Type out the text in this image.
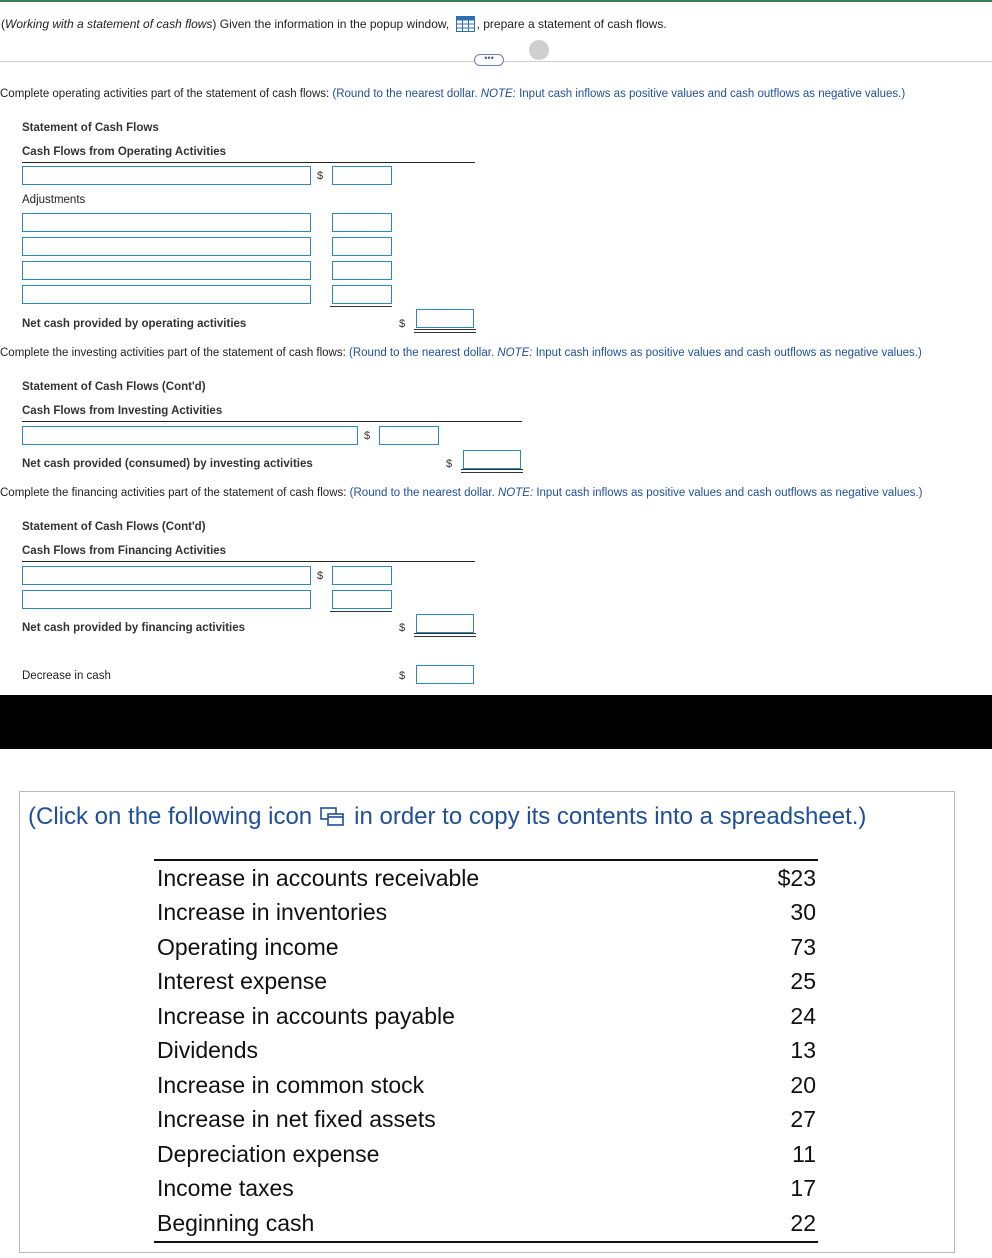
(Working with a statement of cash flows) Given the information in the popup window, , prepare a statement of cash flows.
•••
Complete operating activities part of the statement of cash flows: (Round to the nearest dollar. NOTE: Input cash inflows as positive values and cash outflows as negative values.)
Statement of Cash Flows
Cash Flows from Operating Activities
$
Adjustments
Net cash provided by operating activities	$
Complete the investing activities part of the statement of cash flows: (Round to the nearest dollar. NOTE: Input cash inflows as positive values and cash outflows as negative values.)
Statement of Cash Flows (Cont'd)
Cash Flows from Investing Activities
$
Net cash provided (consumed) by investing activities	$
Complete the financing activities part of the statement of cash flows: (Round to the nearest dollar. NOTE: Input cash inflows as positive values and cash outflows as negative values.)
Statement of Cash Flows (Cont'd)
Cash Flows from Financing Activities
$
Net cash provided by financing activities	$
Decrease in cash	$
(Click on the following icon in order to copy its contents into a spreadsheet.)
Increase in accounts receivable	$23
Increase in inventories	30
Operating income	73
Interest expense	25
Increase in accounts payable	24
Dividends	13
Increase in common stock	20
Increase in net fixed assets	27
Depreciation expense	11
Income taxes	17
Beginning cash	22
